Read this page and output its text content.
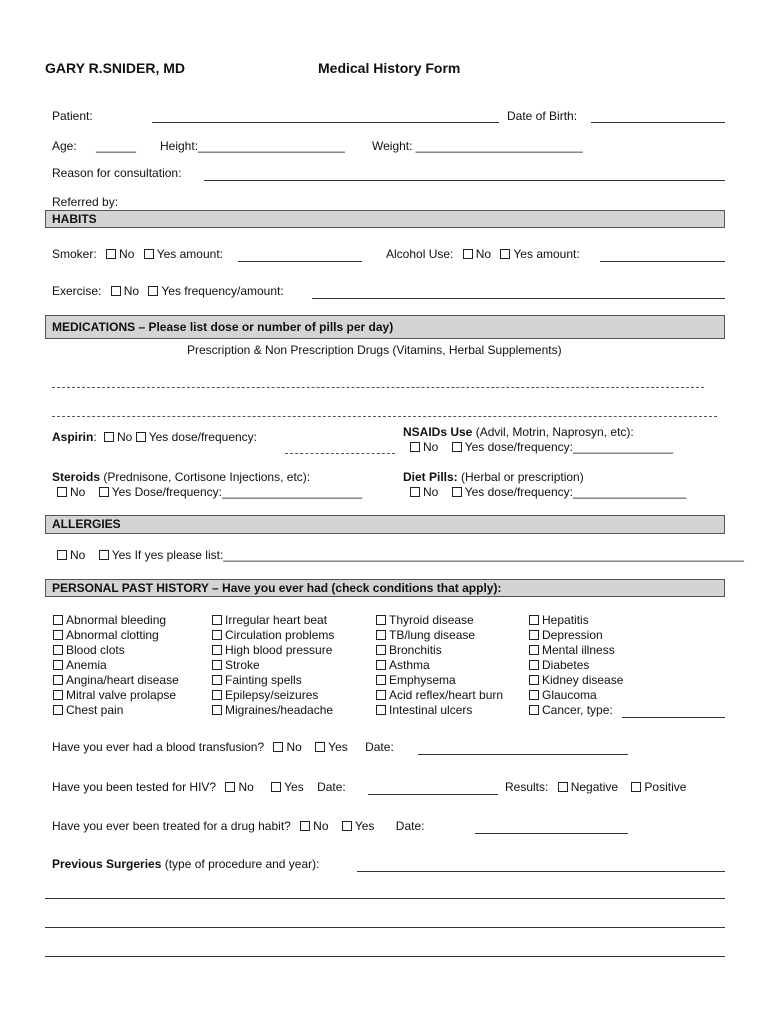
GARY R.SNIDER, MD	Medical History Form
Patient:	Date of Birth:
Age: ______ Height:______________________ Weight: _________________________
Reason for consultation:
Referred by:
HABITS
Smoker: No Yes amount:	Alcohol Use: No Yes amount:
Exercise: No Yes frequency/amount:
MEDICATIONS – Please list dose or number of pills per day)
Prescription & Non Prescription Drugs (Vitamins, Herbal Supplements)
Aspirin: No Yes dose/frequency:	NSAIDs Use (Advil, Motrin, Naprosyn, etc):
No Yes dose/frequency:_______________
Steroids (Prednisone, Cortisone Injections, etc):
No Yes Dose/frequency:_____________________
Diet Pills: (Herbal or prescription)
No Yes dose/frequency:_________________
ALLERGIES
No Yes If yes please list:______________________________________________________________________________
PERSONAL PAST HISTORY – Have you ever had (check conditions that apply):
Abnormal bleeding
Abnormal clotting
Blood clots
Anemia
Angina/heart disease
Mitral valve prolapse
Chest pain
Irregular heart beat
Circulation problems
High blood pressure
Stroke
Fainting spells
Epilepsy/seizures
Migraines/headache
Thyroid disease
TB/lung disease
Bronchitis
Asthma
Emphysema
Acid reflex/heart burn
Intestinal ulcers
Hepatitis
Depression
Mental illness
Diabetes
Kidney disease
Glaucoma
Cancer, type:
Have you ever had a blood transfusion? No Yes Date:
Have you been tested for HIV? No	Yes Date:	Results: Negative Positive
Have you ever been treated for a drug habit? No Yes Date:
Previous Surgeries (type of procedure and year):
